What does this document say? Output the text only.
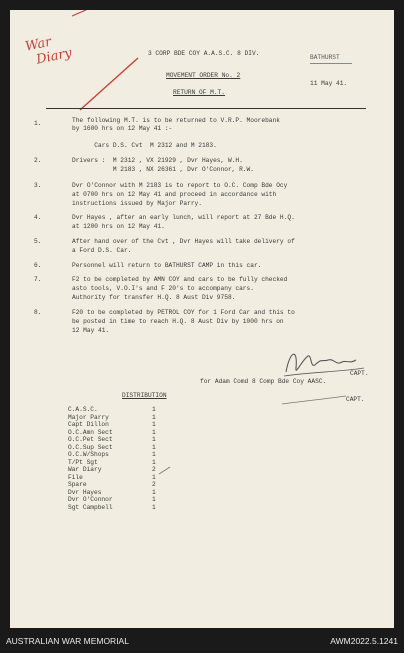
War
Diary	3 CORP BDE COY A.A.S.C. 8 DIV.
BATHURST
MOVEMENT ORDER No. 2
11 May 41.
RETURN OF M.T.
1.	The following M.T. is to be returned to V.R.P. Moorebank
by 1600 hrs on 12 May 41 :-
Cars D.S. Cvt  M 2312 and M 2183.
2.	Drivers :  M 2312 , VX 21929 , Dvr Hayes, W.H.
M 2183 , NX 26361 , Dvr O'Connor, R.W.
3.	Dvr O'Connor with M 2183 is to report to O.C. Comp Bde Ocy
at 0700 hrs on 12 May 41 and proceed in accordance with
instructions issued by Major Parry.
4.	Dvr Hayes , after an early lunch, will report at 27 Bde H.Q.
at 1200 hrs on 12 May 41.
5.	After hand over of the Cvt , Dvr Hayes will take delivery of
a Ford D.S. Car.
6.	Personnel will return to BATHURST CAMP in this car.
7.	F2 to be completed by AMN COY and cars to be fully checked
asto tools, V.O.I's and F 20's to accompany cars.
Authority for transfer H.Q. 8 Aust Div 9758.
8.	F20 to be completed by PETROL COY for 1 Ford Car and this to
be posted in time to reach H.Q. 8 Aust Div by 1000 hrs on
12 May 41.
CAPT.
for Adam Comd 8 Comp Bde Coy AASC.
DISTRIBUTION
C.A.S.C.	1
Major Parry	1
Capt Dillon	1
O.C.Amn Sect	1
O.C.Pet Sect	1
O.C.Sup Sect	1
O.C.W/Shops	1
T/Pt Sgt	1
War Diary	2
File	1
Spare	2
Dvr Hayes	1
Dvr O'Connor	1
Sgt Campbell	1
CAPT.
AUSTRALIAN WAR MEMORIAL	AWM2022.5.1241
